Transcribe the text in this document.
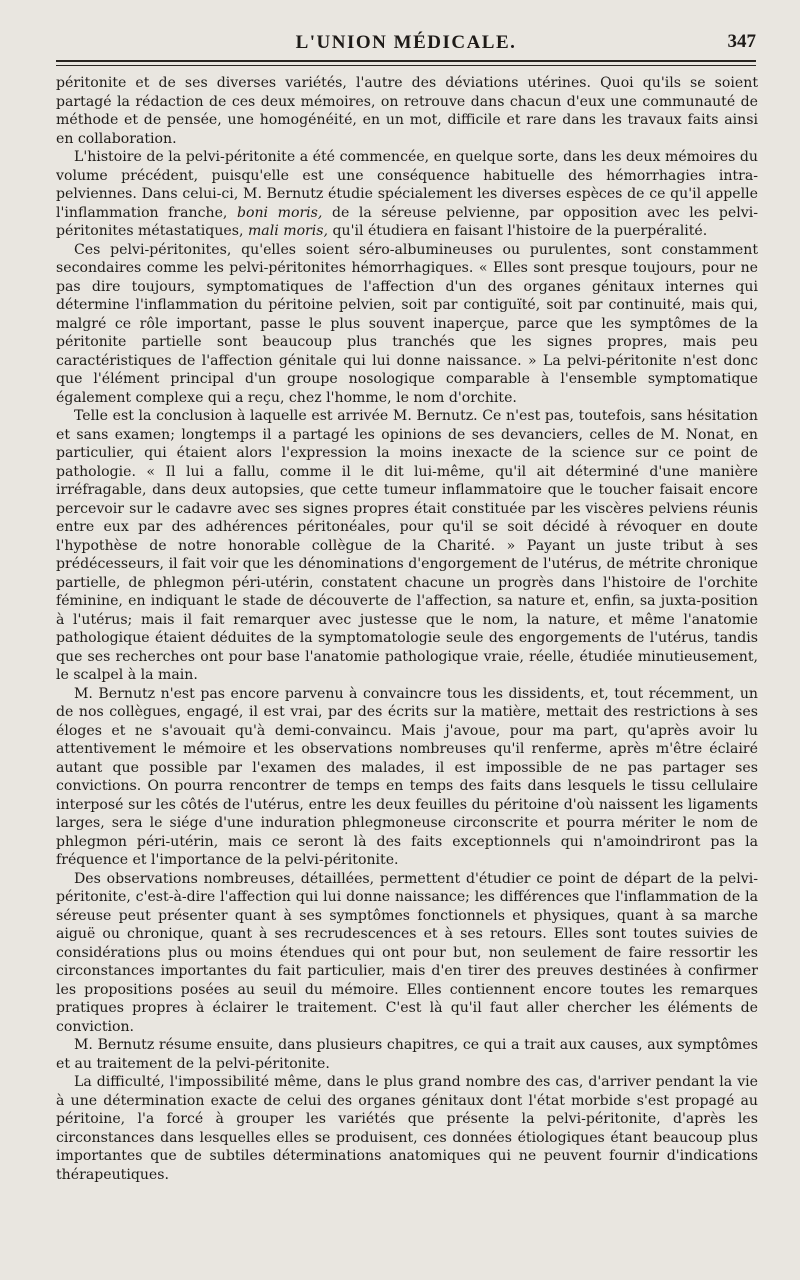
L'UNION MÉDICALE.	347

péritonite et de ses diverses variétés, l'autre des déviations utérines. Quoi qu'ils se soient partagé la rédaction de ces deux mémoires, on retrouve dans chacun d'eux une communauté de méthode et de pensée, une homogénéité, en un mot, difficile et rare dans les travaux faits ainsi en collaboration.

L'histoire de la pelvi-péritonite a été commencée, en quelque sorte, dans les deux mémoires du volume précédent, puisqu'elle est une conséquence habituelle des hémorrhagies intra-pelviennes. Dans celui-ci, M. Bernutz étudie spécialement les diverses espèces de ce qu'il appelle l'inflammation franche, boni moris, de la séreuse pelvienne, par opposition avec les pelvi-péritonites métastatiques, mali moris, qu'il étudiera en faisant l'histoire de la puerpéralité.

Ces pelvi-péritonites, qu'elles soient séro-albumineuses ou purulentes, sont constamment secondaires comme les pelvi-péritonites hémorrhagiques. « Elles sont presque toujours, pour ne pas dire toujours, symptomatiques de l'affection d'un des organes génitaux internes qui détermine l'inflammation du péritoine pelvien, soit par contiguïté, soit par continuité, mais qui, malgré ce rôle important, passe le plus souvent inaperçue, parce que les symptômes de la péritonite partielle sont beaucoup plus tranchés que les signes propres, mais peu caractéristiques de l'affection génitale qui lui donne naissance. » La pelvi-péritonite n'est donc que l'élément principal d'un groupe nosologique comparable à l'ensemble symptomatique également complexe qui a reçu, chez l'homme, le nom d'orchite.

Telle est la conclusion à laquelle est arrivée M. Bernutz. Ce n'est pas, toutefois, sans hésitation et sans examen; longtemps il a partagé les opinions de ses devanciers, celles de M. Nonat, en particulier, qui étaient alors l'expression la moins inexacte de la science sur ce point de pathologie. « Il lui a fallu, comme il le dit lui-même, qu'il ait déterminé d'une manière irréfragable, dans deux autopsies, que cette tumeur inflammatoire que le toucher faisait encore percevoir sur le cadavre avec ses signes propres était constituée par les viscères pelviens réunis entre eux par des adhérences péritonéales, pour qu'il se soit décidé à révoquer en doute l'hypothèse de notre honorable collègue de la Charité. » Payant un juste tribut à ses prédécesseurs, il fait voir que les dénominations d'engorgement de l'utérus, de métrite chronique partielle, de phlegmon péri-utérin, constatent chacune un progrès dans l'histoire de l'orchite féminine, en indiquant le stade de découverte de l'affection, sa nature et, enfin, sa juxta-position à l'utérus; mais il fait remarquer avec justesse que le nom, la nature, et même l'anatomie pathologique étaient déduites de la symptomatologie seule des engorgements de l'utérus, tandis que ses recherches ont pour base l'anatomie pathologique vraie, réelle, étudiée minutieusement, le scalpel à la main.

M. Bernutz n'est pas encore parvenu à convaincre tous les dissidents, et, tout récemment, un de nos collègues, engagé, il est vrai, par des écrits sur la matière, mettait des restrictions à ses éloges et ne s'avouait qu'à demi-convaincu. Mais j'avoue, pour ma part, qu'après avoir lu attentivement le mémoire et les observations nombreuses qu'il renferme, après m'être éclairé autant que possible par l'examen des malades, il est impossible de ne pas partager ses convictions. On pourra rencontrer de temps en temps des faits dans lesquels le tissu cellulaire interposé sur les côtés de l'utérus, entre les deux feuilles du péritoine d'où naissent les ligaments larges, sera le siége d'une induration phlegmoneuse circonscrite et pourra mériter le nom de phlegmon péri-utérin, mais ce seront là des faits exceptionnels qui n'amoindriront pas la fréquence et l'importance de la pelvi-péritonite.

Des observations nombreuses, détaillées, permettent d'étudier ce point de départ de la pelvi-péritonite, c'est-à-dire l'affection qui lui donne naissance; les différences que l'inflammation de la séreuse peut présenter quant à ses symptômes fonctionnels et physiques, quant à sa marche aiguë ou chronique, quant à ses recrudescences et à ses retours. Elles sont toutes suivies de considérations plus ou moins étendues qui ont pour but, non seulement de faire ressortir les circonstances importantes du fait particulier, mais d'en tirer des preuves destinées à confirmer les propositions posées au seuil du mémoire. Elles contiennent encore toutes les remarques pratiques propres à éclairer le traitement. C'est là qu'il faut aller chercher les éléments de conviction.

M. Bernutz résume ensuite, dans plusieurs chapitres, ce qui a trait aux causes, aux symptômes et au traitement de la pelvi-péritonite.

La difficulté, l'impossibilité même, dans le plus grand nombre des cas, d'arriver pendant la vie à une détermination exacte de celui des organes génitaux dont l'état morbide s'est propagé au péritoine, l'a forcé à grouper les variétés que présente la pelvi-péritonite, d'après les circonstances dans lesquelles elles se produisent, ces données étiologiques étant beaucoup plus importantes que de subtiles déterminations anatomiques qui ne peuvent fournir d'indications thérapeutiques.
